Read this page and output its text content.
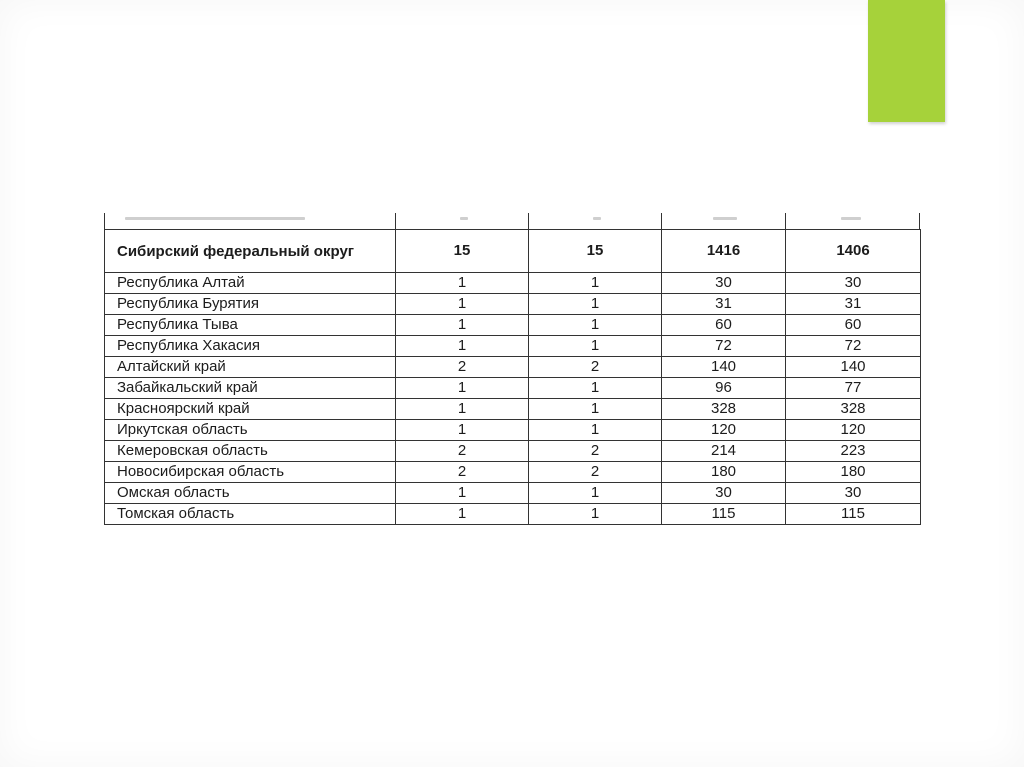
Сибирский федеральный округ	15	15	1416	1406
Республика Алтай	1	1	30	30
Республика Бурятия	1	1	31	31
Республика Тыва	1	1	60	60
Республика Хакасия	1	1	72	72
Алтайский край	2	2	140	140
Забайкальский край	1	1	96	77
Красноярский край	1	1	328	328
Иркутская область	1	1	120	120
Кемеровская область	2	2	214	223
Новосибирская область	2	2	180	180
Омская область	1	1	30	30
Томская область	1	1	115	115
